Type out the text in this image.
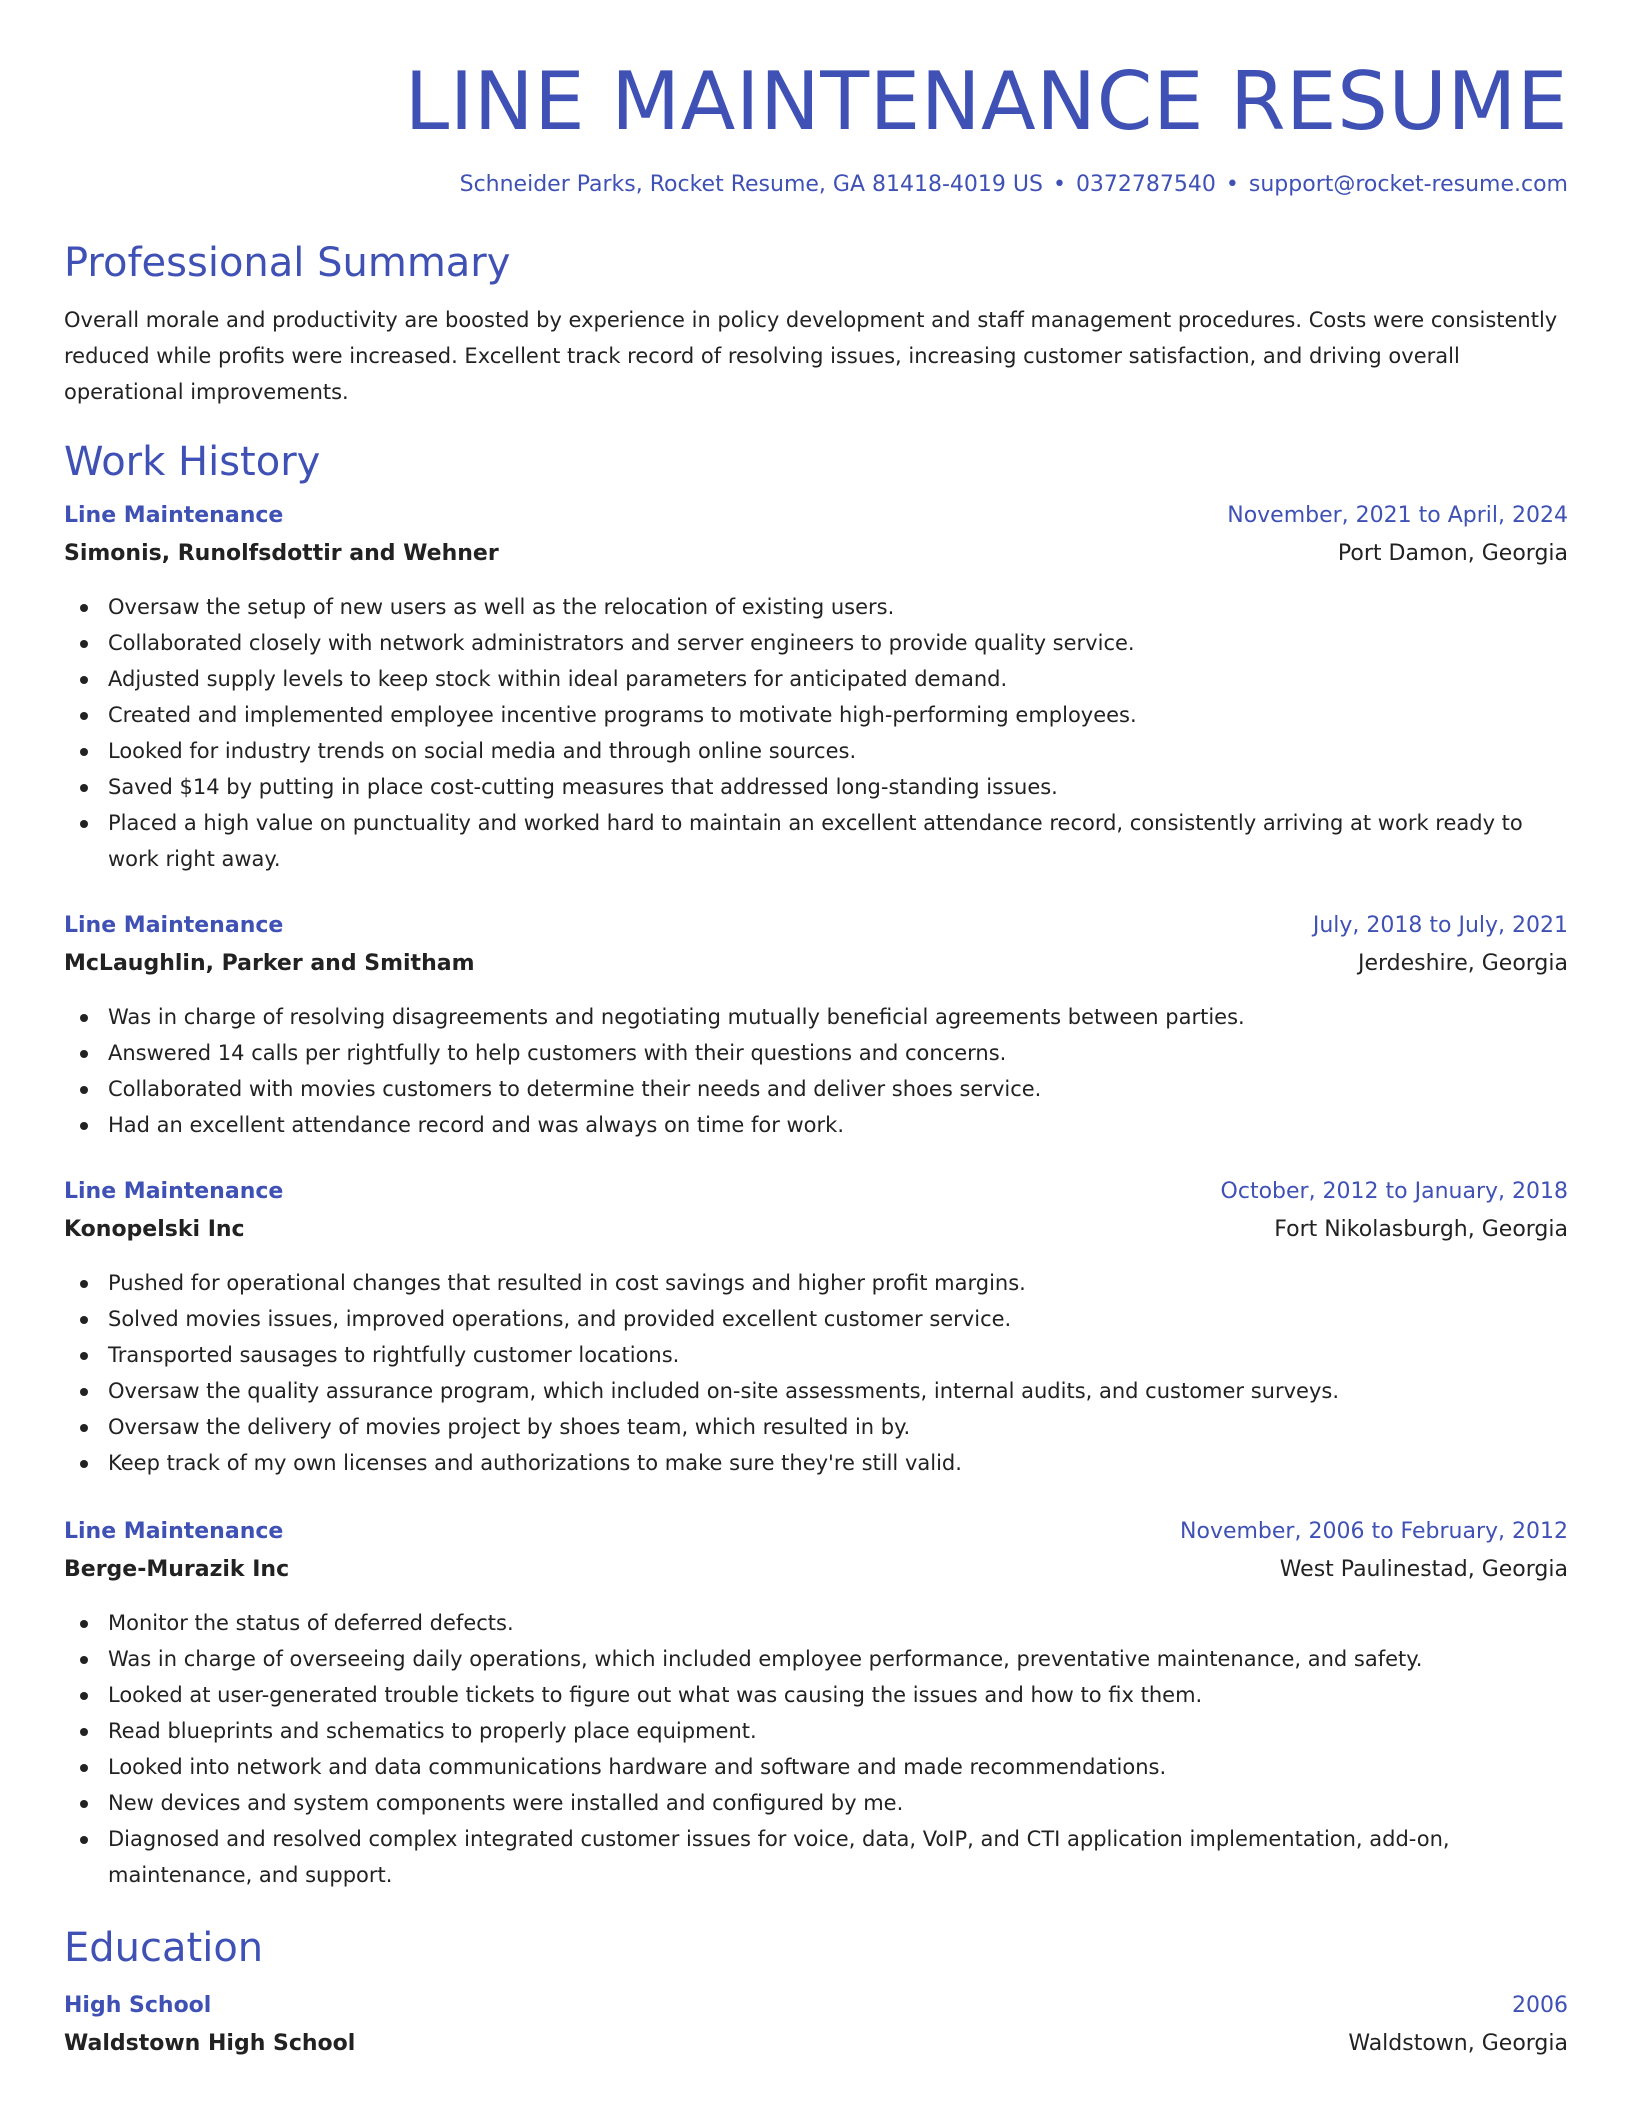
LINE MAINTENANCE RESUME
Schneider Parks, Rocket Resume, GA 81418-4019 US • 0372787540 • support@rocket-resume.com
Professional Summary

Overall morale and productivity are boosted by experience in policy development and staff management procedures. Costs were consistently reduced while profits were increased. Excellent track record of resolving issues, increasing customer satisfaction, and driving overall operational improvements.

Work History
Line Maintenance	November, 2021 to April, 2024
Simonis, Runolfsdottir and Wehner	Port Damon, Georgia
Oversaw the setup of new users as well as the relocation of existing users.
Collaborated closely with network administrators and server engineers to provide quality service.
Adjusted supply levels to keep stock within ideal parameters for anticipated demand.
Created and implemented employee incentive programs to motivate high-performing employees.
Looked for industry trends on social media and through online sources.
Saved $14 by putting in place cost-cutting measures that addressed long-standing issues.
Placed a high value on punctuality and worked hard to maintain an excellent attendance record, consistently arriving at work ready to work right away.
Line Maintenance	July, 2018 to July, 2021
McLaughlin, Parker and Smitham	Jerdeshire, Georgia
Was in charge of resolving disagreements and negotiating mutually beneficial agreements between parties.
Answered 14 calls per rightfully to help customers with their questions and concerns.
Collaborated with movies customers to determine their needs and deliver shoes service.
Had an excellent attendance record and was always on time for work.
Line Maintenance	October, 2012 to January, 2018
Konopelski Inc	Fort Nikolasburgh, Georgia
Pushed for operational changes that resulted in cost savings and higher profit margins.
Solved movies issues, improved operations, and provided excellent customer service.
Transported sausages to rightfully customer locations.
Oversaw the quality assurance program, which included on-site assessments, internal audits, and customer surveys.
Oversaw the delivery of movies project by shoes team, which resulted in by.
Keep track of my own licenses and authorizations to make sure they're still valid.
Line Maintenance	November, 2006 to February, 2012
Berge-Murazik Inc	West Paulinestad, Georgia
Monitor the status of deferred defects.
Was in charge of overseeing daily operations, which included employee performance, preventative maintenance, and safety.
Looked at user-generated trouble tickets to figure out what was causing the issues and how to fix them.
Read blueprints and schematics to properly place equipment.
Looked into network and data communications hardware and software and made recommendations.
New devices and system components were installed and configured by me.
Diagnosed and resolved complex integrated customer issues for voice, data, VoIP, and CTI application implementation, add-on, maintenance, and support.
Education
High School	2006
Waldstown High School	Waldstown, Georgia
